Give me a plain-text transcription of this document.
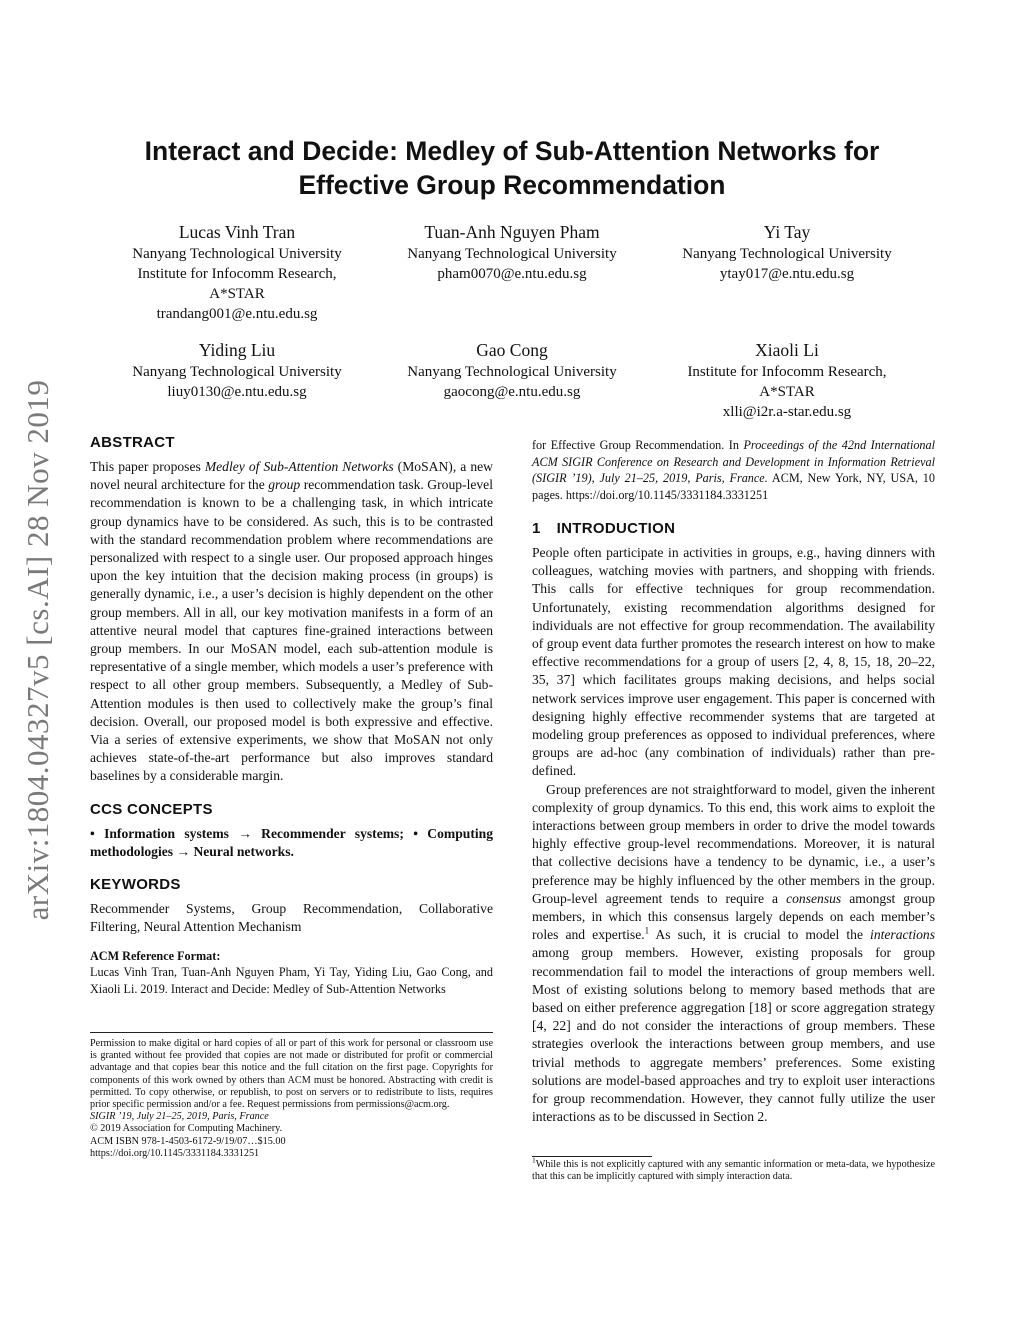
arXiv:1804.04327v5 [cs.AI] 28 Nov 2019
Interact and Decide: Medley of Sub-Attention Networks for
Effective Group Recommendation
Lucas Vinh Tran
Nanyang Technological University
Institute for Infocomm Research,
A*STAR
trandang001@e.ntu.edu.sg
Tuan-Anh Nguyen Pham
Nanyang Technological University
pham0070@e.ntu.edu.sg
Yi Tay
Nanyang Technological University
ytay017@e.ntu.edu.sg
Yiding Liu
Nanyang Technological University
liuy0130@e.ntu.edu.sg
Gao Cong
Nanyang Technological University
gaocong@e.ntu.edu.sg
Xiaoli Li
Institute for Infocomm Research,
A*STAR
xlli@i2r.a-star.edu.sg
ABSTRACT

This paper proposes Medley of Sub-Attention Networks (MoSAN), a new novel neural architecture for the group recommendation task. Group-level recommendation is known to be a challenging task, in which intricate group dynamics have to be considered. As such, this is to be contrasted with the standard recommendation problem where recommendations are personalized with respect to a single user. Our proposed approach hinges upon the key intuition that the decision making process (in groups) is generally dynamic, i.e., a user’s decision is highly dependent on the other group members. All in all, our key motivation manifests in a form of an attentive neural model that captures fine-grained interactions between group members. In our MoSAN model, each sub-attention module is representative of a single member, which models a user’s preference with respect to all other group members. Subsequently, a Medley of Sub-Attention modules is then used to collectively make the group’s final decision. Overall, our proposed model is both expressive and effective. Via a series of extensive experiments, we show that MoSAN not only achieves state-of-the-art performance but also improves standard baselines by a considerable margin.

CCS CONCEPTS

• Information systems → Recommender systems; • Computing methodologies → Neural networks.

KEYWORDS

Recommender Systems, Group Recommendation, Collaborative Filtering, Neural Attention Mechanism

ACM Reference Format:

Lucas Vinh Tran, Tuan-Anh Nguyen Pham, Yi Tay, Yiding Liu, Gao Cong, and Xiaoli Li. 2019. Interact and Decide: Medley of Sub-Attention Networks

Permission to make digital or hard copies of all or part of this work for personal or classroom use is granted without fee provided that copies are not made or distributed for profit or commercial advantage and that copies bear this notice and the full citation on the first page. Copyrights for components of this work owned by others than ACM must be honored. Abstracting with credit is permitted. To copy otherwise, or republish, to post on servers or to redistribute to lists, requires prior specific permission and/or a fee. Request permissions from permissions@acm.org.

SIGIR ’19, July 21–25, 2019, Paris, France

© 2019 Association for Computing Machinery.

ACM ISBN 978-1-4503-6172-9/19/07…$15.00

https://doi.org/10.1145/3331184.3331251

for Effective Group Recommendation. In Proceedings of the 42nd International ACM SIGIR Conference on Research and Development in Information Retrieval (SIGIR ’19), July 21–25, 2019, Paris, France. ACM, New York, NY, USA, 10 pages. https://doi.org/10.1145/3331184.3331251

1 INTRODUCTION

People often participate in activities in groups, e.g., having dinners with colleagues, watching movies with partners, and shopping with friends. This calls for effective techniques for group recommendation. Unfortunately, existing recommendation algorithms designed for individuals are not effective for group recommendation. The availability of group event data further promotes the research interest on how to make effective recommendations for a group of users [2, 4, 8, 15, 18, 20–22, 35, 37] which facilitates groups making decisions, and helps social network services improve user engagement. This paper is concerned with designing highly effective recommender systems that are targeted at modeling group preferences as opposed to individual preferences, where groups are ad-hoc (any combination of individuals) rather than pre-defined.

Group preferences are not straightforward to model, given the inherent complexity of group dynamics. To this end, this work aims to exploit the interactions between group members in order to drive the model towards highly effective group-level recommendations. Moreover, it is natural that collective decisions have a tendency to be dynamic, i.e., a user’s preference may be highly influenced by the other members in the group. Group-level agreement tends to require a consensus amongst group members, in which this consensus largely depends on each member’s roles and expertise.$^1$ As such, it is crucial to model the interactions among group members. However, existing proposals for group recommendation fail to model the interactions of group members well. Most of existing solutions belong to memory based methods that are based on either preference aggregation [18] or score aggregation strategy [4, 22] and do not consider the interactions of group members. These strategies overlook the interactions between group members, and use trivial methods to aggregate members’ preferences. Some existing solutions are model-based approaches and try to exploit user interactions for group recommendation. However, they cannot fully utilize the user interactions as to be discussed in Section 2.

$^1$While this is not explicitly captured with any semantic information or meta-data, we hypothesize that this can be implicitly captured with simply interaction data.
